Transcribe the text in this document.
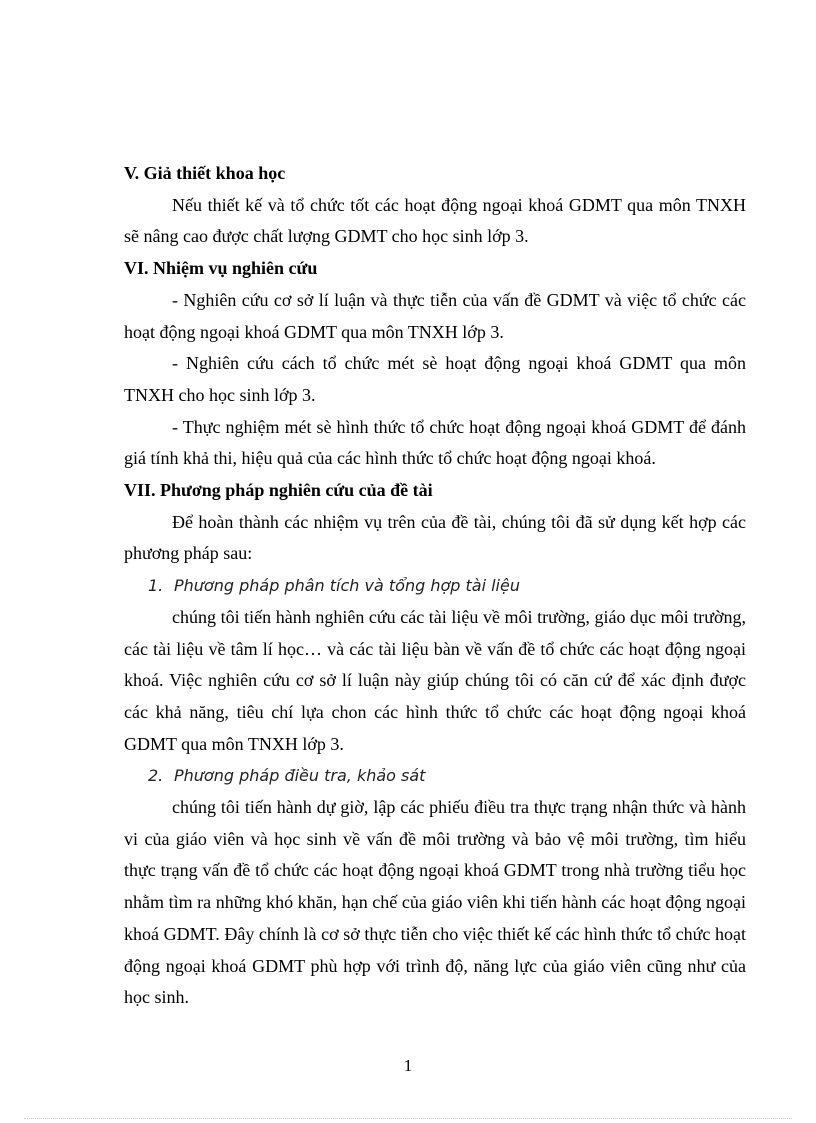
V. Giả thiết khoa học

Nếu thiết kế và tổ chức tốt các hoạt động ngoại khoá GDMT qua môn TNXH sẽ nâng cao được chất lượng GDMT cho học sinh lớp 3.

VI. Nhiệm vụ nghiên cứu

- Nghiên cứu cơ sở lí luận và thực tiễn của vấn đề GDMT và việc tổ chức các hoạt động ngoại khoá GDMT qua môn TNXH lớp 3.

- Nghiên cứu cách tổ chức mét sè hoạt động ngoại khoá GDMT qua môn TNXH cho học sinh lớp 3.

- Thực nghiệm mét sè hình thức tổ chức hoạt động ngoại khoá GDMT để đánh giá tính khả thi, hiệu quả của các hình thức tổ chức hoạt động ngoại khoá.

VII. Phương pháp nghiên cứu của đề tài

Để hoàn thành các nhiệm vụ trên của đề tài, chúng tôi đã sử dụng kết hợp các phương pháp sau:

1. Phương pháp phân tích và tổng hợp tài liệu

chúng tôi tiến hành nghiên cứu các tài liệu về môi trường, giáo dục môi trường, các tài liệu về tâm lí học… và các tài liệu bàn về vấn đề tổ chức các hoạt động ngoại khoá. Việc nghiên cứu cơ sở lí luận này giúp chúng tôi có căn cứ để xác định được các khả năng, tiêu chí lựa chon các hình thức tổ chức các hoạt động ngoại khoá GDMT qua môn TNXH lớp 3.

2. Phương pháp điều tra, khảo sát

chúng tôi tiến hành dự giờ, lập các phiếu điều tra thực trạng nhận thức và hành vi của giáo viên và học sinh về vấn đề môi trường và bảo vệ môi trường, tìm hiểu thực trạng vấn đề tổ chức các hoạt động ngoại khoá GDMT trong nhà trường tiểu học nhằm tìm ra những khó khăn, hạn chế của giáo viên khi tiến hành các hoạt động ngoại khoá GDMT. Đây chính là cơ sở thực tiễn cho việc thiết kế các hình thức tổ chức hoạt động ngoại khoá GDMT phù hợp với trình độ, năng lực của giáo viên cũng như của học sinh.

1
